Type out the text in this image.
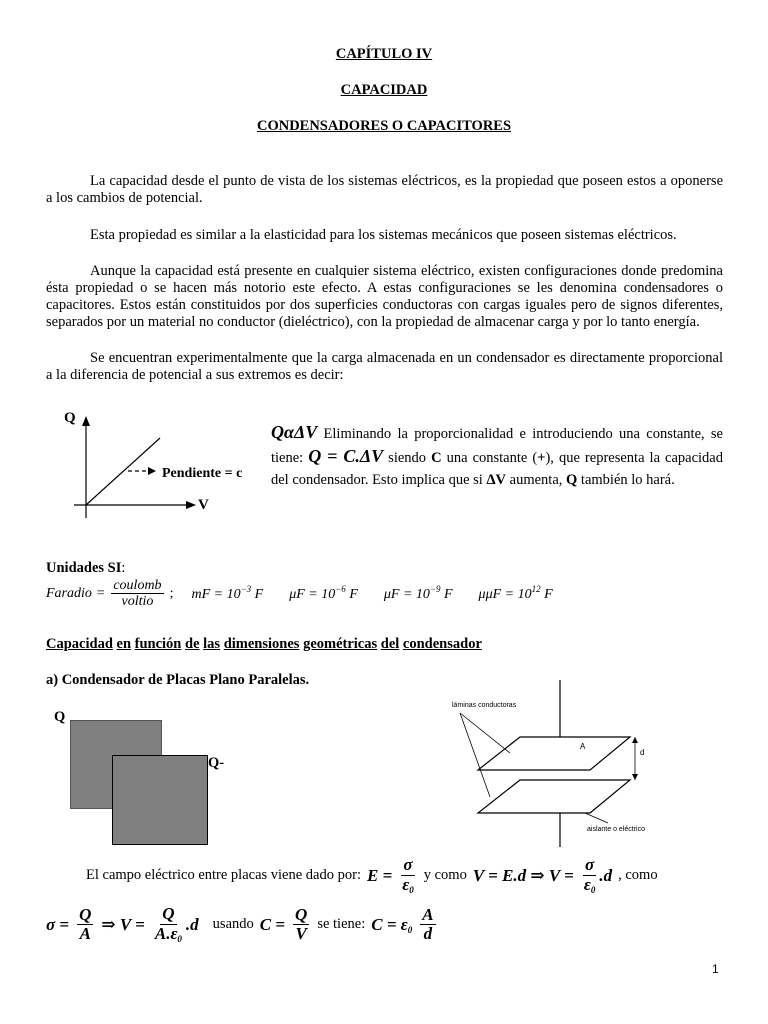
CAPÍTULO IV
CAPACIDAD
CONDENSADORES O CAPACITORES
La capacidad desde el punto de vista de los sistemas eléctricos, es la propiedad que poseen estos a oponerse a los cambios de potencial.
Esta propiedad es similar a la elasticidad para los sistemas mecánicos que poseen sistemas eléctricos.
Aunque la capacidad está presente en cualquier sistema eléctrico, existen configuraciones donde predomina ésta propiedad o se hacen más notorio este efecto. A estas configuraciones se les denomina condensadores o capacitores. Estos están constituidos por dos superficies conductoras con cargas iguales pero de signos diferentes, separados por un material no conductor (dieléctrico), con la propiedad de almacenar carga y por lo tanto energía.
Se encuentran experimentalmente que la carga almacenada en un condensador es directamente proporcional a la diferencia de potencial a sus extremos es decir:
Q
V
Pendiente = c
QαΔV Eliminando la proporcionalidad e introduciendo una constante, se tiene: Q = C.ΔV siendo C una constante (+), que representa la capacidad del condensador. Esto implica que si ΔV aumenta, Q también lo hará.
Unidades SI:
Faradio = $\frac{\text{coulomb}}{\text{voltio}}$ ; mF = $10^{-3}$ F $\mu F = 10^{-6}$ F $\mu F = 10^{-9}$ F $\mu\mu F = 10^{12}$ F
Capacidad en función de las dimensiones geométricas del condensador
a) Condensador de Placas Plano Paralelas.
Q
Q-
láminas conductoras
A
d
aislante o eléctrico
El campo eléctrico entre placas viene dado por: $E = \frac{\sigma}{\varepsilon_0}$ y como V = E.d ⇒ $V = \frac{\sigma}{\varepsilon_0} .d$ , como
$\sigma = \frac{Q}{A}$ ⇒ $V = \frac{Q}{A.\varepsilon_0} .d$ usando $C = \frac{Q}{V}$ se tiene: $C = \varepsilon_0 \frac{A}{d}$
1
